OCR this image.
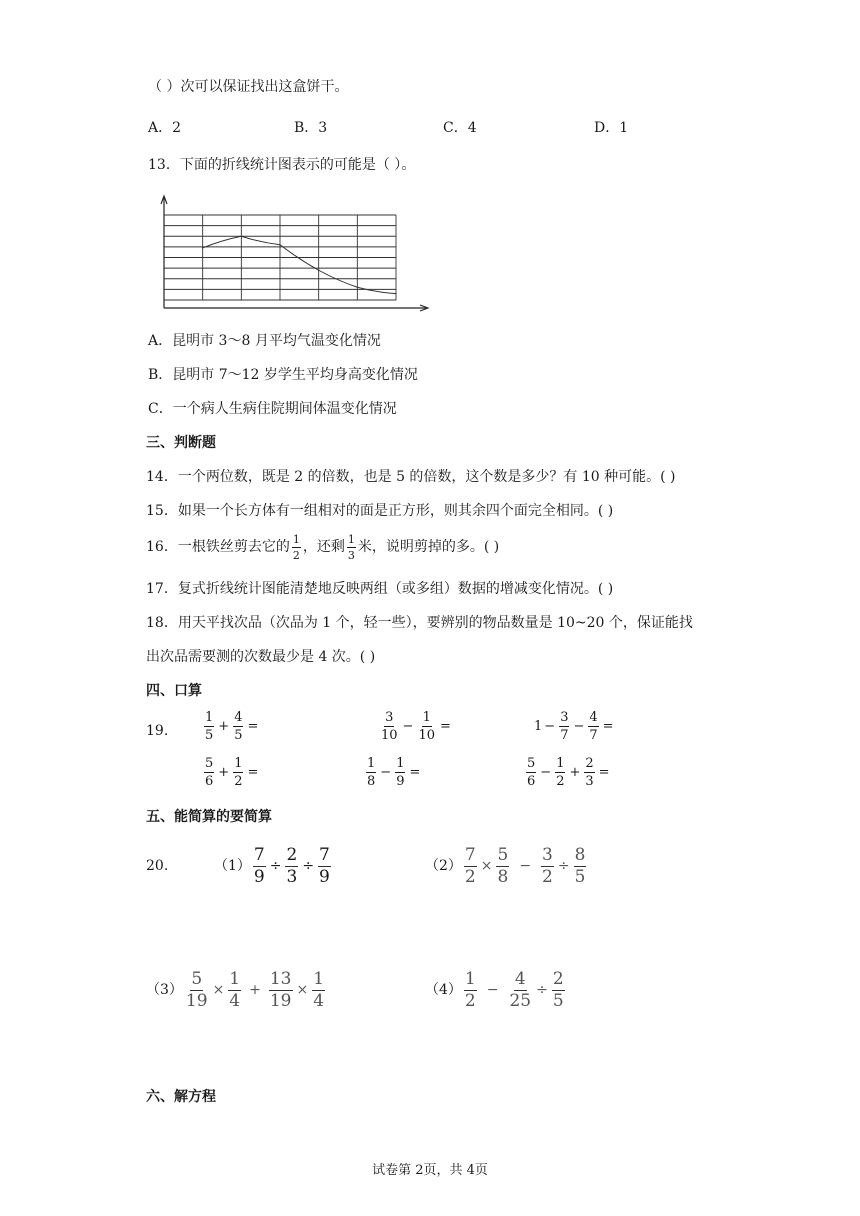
（ ）次可以保证找出这盒饼干。
A．2	B．3	C．4	D．1
13．下面的折线统计图表示的可能是（ ）。
A．昆明市 3～8 月平均气温变化情况
B．昆明市 7～12 岁学生平均身高变化情况
C．一个病人生病住院期间体温变化情况
三、判断题
14．一个两位数，既是 2 的倍数，也是 5 的倍数，这个数是多少？有 10 种可能。( )
15．如果一个长方体有一组相对的面是正方形，则其余四个面完全相同。( )
16．一根铁丝剪去它的 $\frac{1}{2}$ ，还剩 $\frac{1}{3}$ 米，说明剪掉的多。( )
17．复式折线统计图能清楚地反映两组（或多组）数据的增减变化情况。( )
18．用天平找次品（次品为 1 个，轻一些），要辨别的物品数量是 10~20 个，保证能找
出次品需要测的次数最少是 4 次。( )
四、口算
19.	$\frac{1}{5} + \frac{4}{5}$ =	$\frac{3}{10} - \frac{1}{10}$ =	$1 - \frac{3}{7} - \frac{4}{7}$ =
$\frac{5}{6} + \frac{1}{2}$ =	$\frac{1}{8} - \frac{1}{9}$ =	$\frac{5}{6} - \frac{1}{2} + \frac{2}{3}$ =
五、能简算的要简算
20.	$(1) \frac{7}{9} \div \frac{2}{3} \div \frac{7}{9}$	$(2) \frac{7}{2} \times \frac{5}{8} - \frac{3}{2} \div \frac{8}{5}$
$(3) \frac{5}{19} \times \frac{1}{4} + \frac{13}{19} \times \frac{1}{4}$	$(4) \frac{1}{2} - \frac{4}{25} \div \frac{2}{5}$
六、解方程
试卷第 2页，共 4页
